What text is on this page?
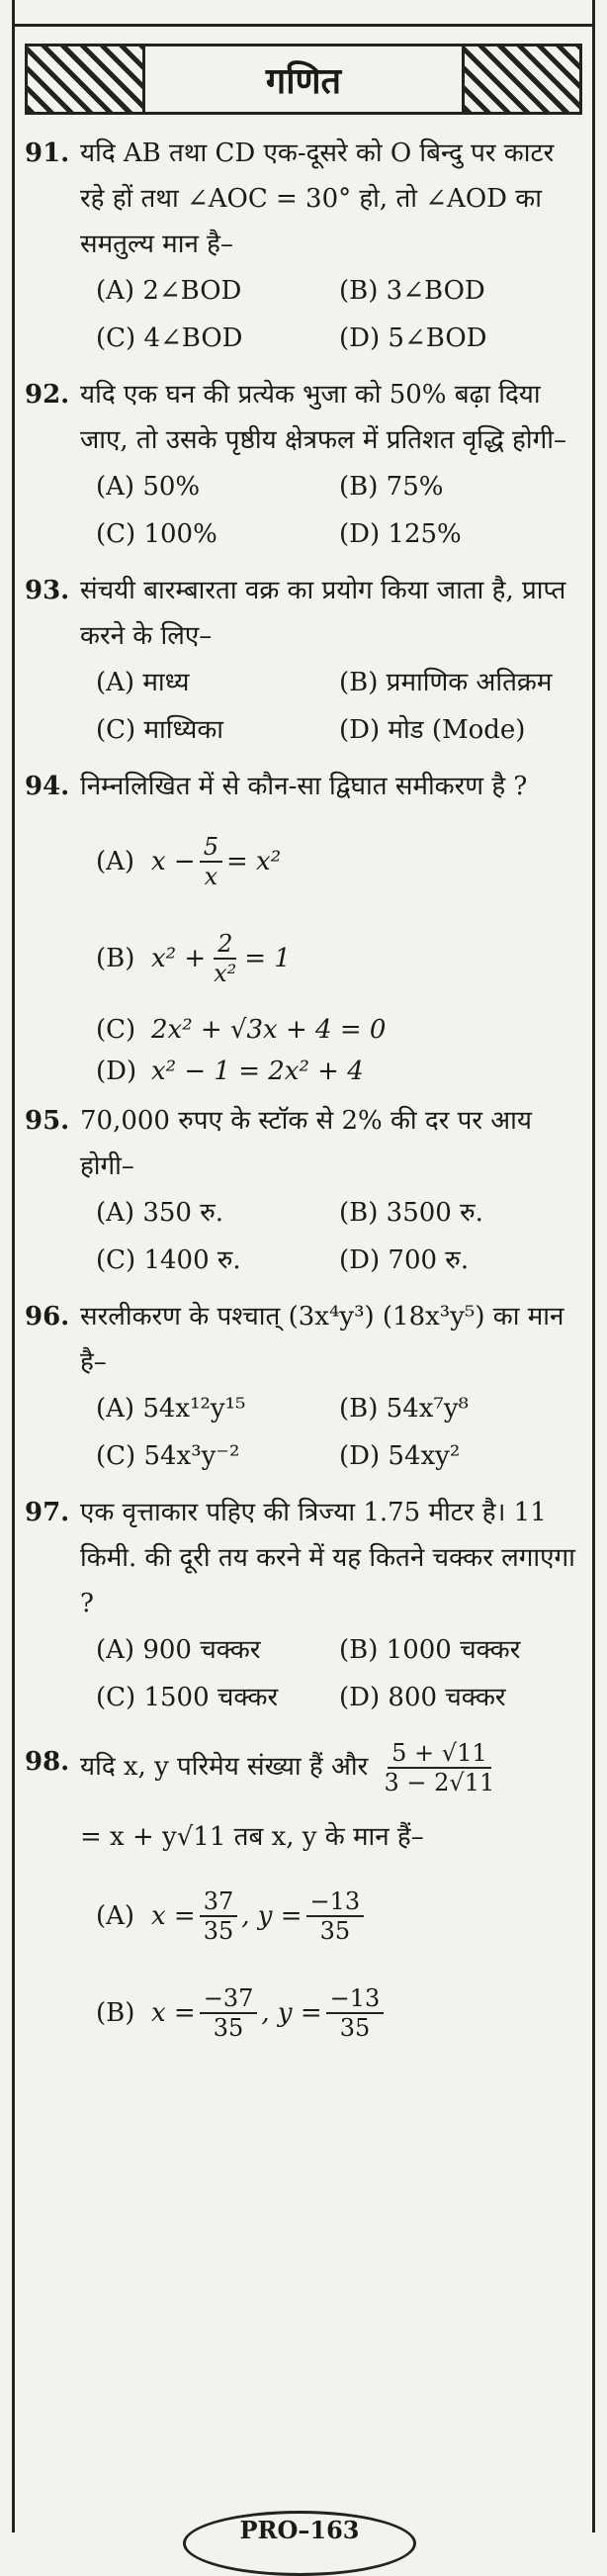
गणित
91. यदि AB तथा CD एक-दूसरे को O बिन्दु पर काटर रहे हों तथा ∠AOC = 30° हो, तो ∠AOD का समतुल्य मान है–
(A) 2∠BOD	(B) 3∠BOD
(C) 4∠BOD	(D) 5∠BOD
92. यदि एक घन की प्रत्येक भुजा को 50% बढ़ा दिया जाए, तो उसके पृष्ठीय क्षेत्रफल में प्रतिशत वृद्धि होगी–
(A) 50%	(B) 75%
(C) 100%	(D) 125%
93. संचयी बारम्बारता वक्र का प्रयोग किया जाता है, प्राप्त करने के लिए–
(A) माध्य	(B) प्रमाणिक अतिक्रम
(C) माध्यिका	(D) मोड (Mode)
94. निम्नलिखित में से कौन-सा द्विघात समीकरण है ?
(A) $x - \frac{5}{x} = x^2$
(B) $x^2 + \frac{2}{\text{x²}} = 1$
(C) 2x² + √3x + 4 = 0
(D) x² − 1 = 2x² + 4
95. 70,000 रुपए के स्टॉक से 2% की दर पर आय होगी–
(A) 350 रु.	(B) 3500 रु.
(C) 1400 रु.	(D) 700 रु.
96. सरलीकरण के पश्चात् (3x⁴y³) (18x³y⁵) का मान है–
(A) 54x¹²y¹⁵	(B) 54x⁷y⁸
(C) 54x³y⁻²	(D) 54xy²
97. एक वृत्ताकार पहिए की त्रिज्या 1.75 मीटर है। 11 किमी. की दूरी तय करने में यह कितने चक्कर लगाएगा ?
(A) 900 चक्कर	(B) 1000 चक्कर
(C) 1500 चक्कर	(D) 800 चक्कर
98. यदि x, y परिमेय संख्या हैं और $\frac{5 + √11}{3 - 2√11}$
= x + y√11 तब x, y के मान हैं–
(A) $x = \frac{37}{35}$ , $y = \frac{-13}{35}$
(B) $x = \frac{-37}{35}$ , $y = \frac{-13}{35}$
PRO–163
